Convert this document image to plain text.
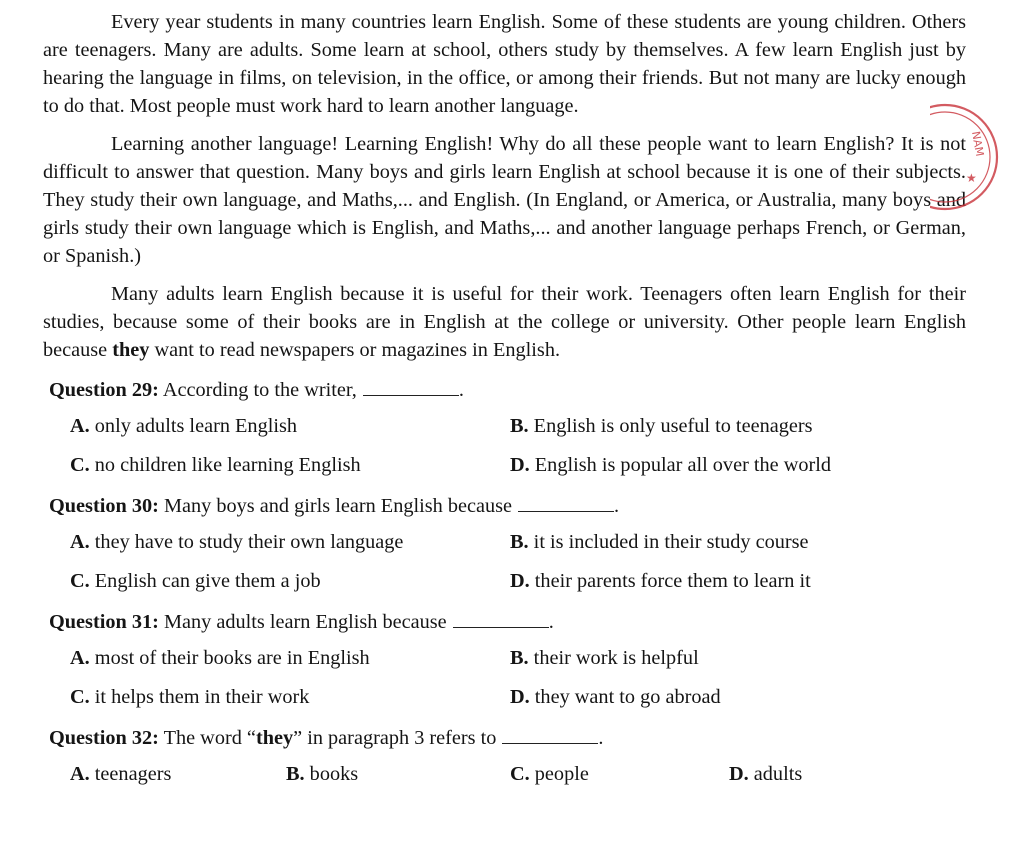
Every year students in many countries learn English. Some of these students are young children. Others are teenagers. Many are adults. Some learn at school, others study by themselves. A few learn English just by hearing the language in films, on television, in the office, or among their friends. But not many are lucky enough to do that. Most people must work hard to learn another language.

Learning another language! Learning English! Why do all these people want to learn English? It is not difficult to answer that question. Many boys and girls learn English at school because it is one of their subjects. They study their own language, and Maths,... and English. (In England, or America, or Australia, many boys and girls study their own language which is English, and Maths,... and another language perhaps French, or German, or Spanish.)

Many adults learn English because it is useful for their work. Teenagers often learn English for their studies, because some of their books are in English at the college or university. Other people learn English because they want to read newspapers or magazines in English.

Question 29: According to the writer,	.

A. only adults learn English	B. English is only useful to teenagers
C. no children like learning English	D. English is popular all over the world

Question 30: Many boys and girls learn English because	.

A. they have to study their own language	B. it is included in their study course
C. English can give them a job	D. their parents force them to learn it

Question 31: Many adults learn English because	.

A. most of their books are in English	B. their work is helpful
C. it helps them in their work	D. they want to go abroad

Question 32: The word “they” in paragraph 3 refers to	.

A. teenagers	B. books	C. people	D. adults
NAM
★
